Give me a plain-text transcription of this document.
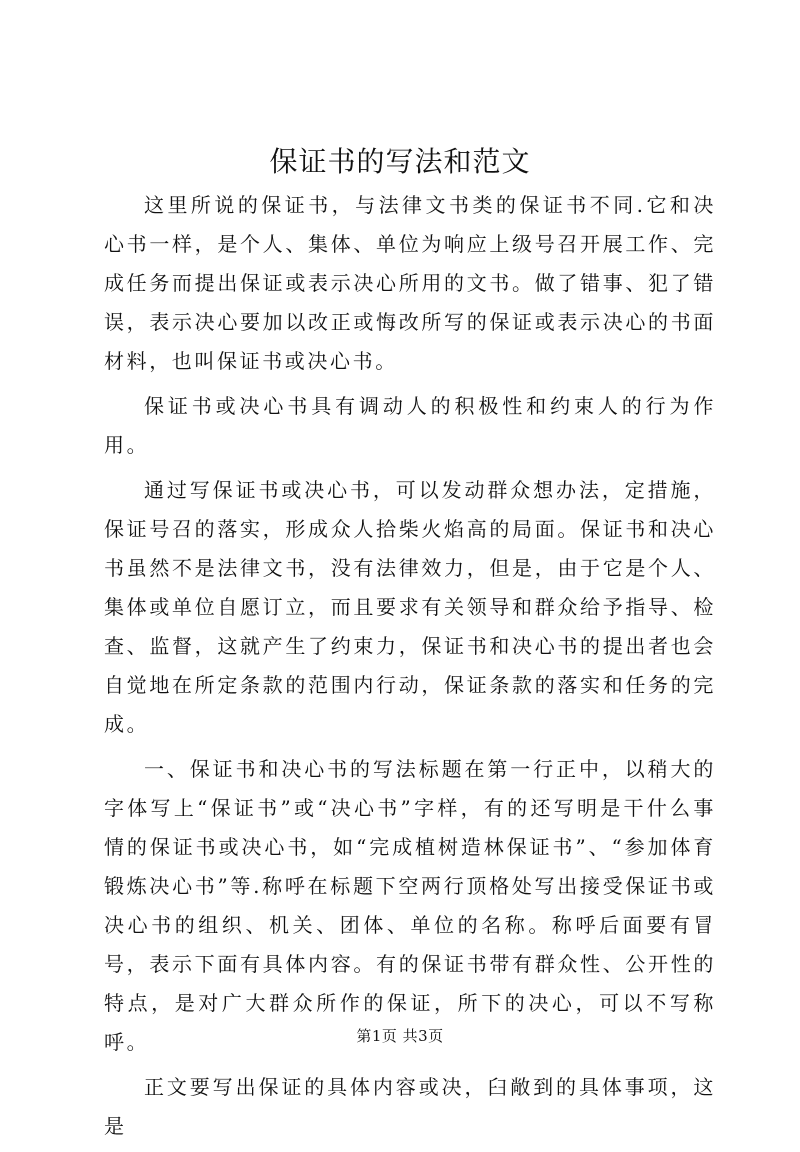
保证书的写法和范文

这里所说的保证书，与法律文书类的保证书不同.它和决心书一样，是个人、集体、单位为响应上级号召开展工作、完成任务而提出保证或表示决心所用的文书。做了错事、犯了错误，表示决心要加以改正或悔改所写的保证或表示决心的书面材料，也叫保证书或决心书。

保证书或决心书具有调动人的积极性和约束人的行为作用。

通过写保证书或决心书，可以发动群众想办法，定措施，保证号召的落实，形成众人拾柴火焰高的局面。保证书和决心书虽然不是法律文书，没有法律效力，但是，由于它是个人、集体或单位自愿订立，而且要求有关领导和群众给予指导、检查、监督，这就产生了约束力，保证书和决心书的提出者也会自觉地在所定条款的范围内行动，保证条款的落实和任务的完成。

一、保证书和决心书的写法标题在第一行正中，以稍大的字体写上“保证书”或“决心书”字样，有的还写明是干什么事情的保证书或决心书，如“完成植树造林保证书”、“参加体育锻炼决心书”等.称呼在标题下空两行顶格处写出接受保证书或决心书的组织、机关、团体、单位的名称。称呼后面要有冒号，表示下面有具体内容。有的保证书带有群众性、公开性的特点，是对广大群众所作的保证，所下的决心，可以不写称呼。

正文要写出保证的具体内容或决，臼敞到的具体事项，这是

第1页 共3页
